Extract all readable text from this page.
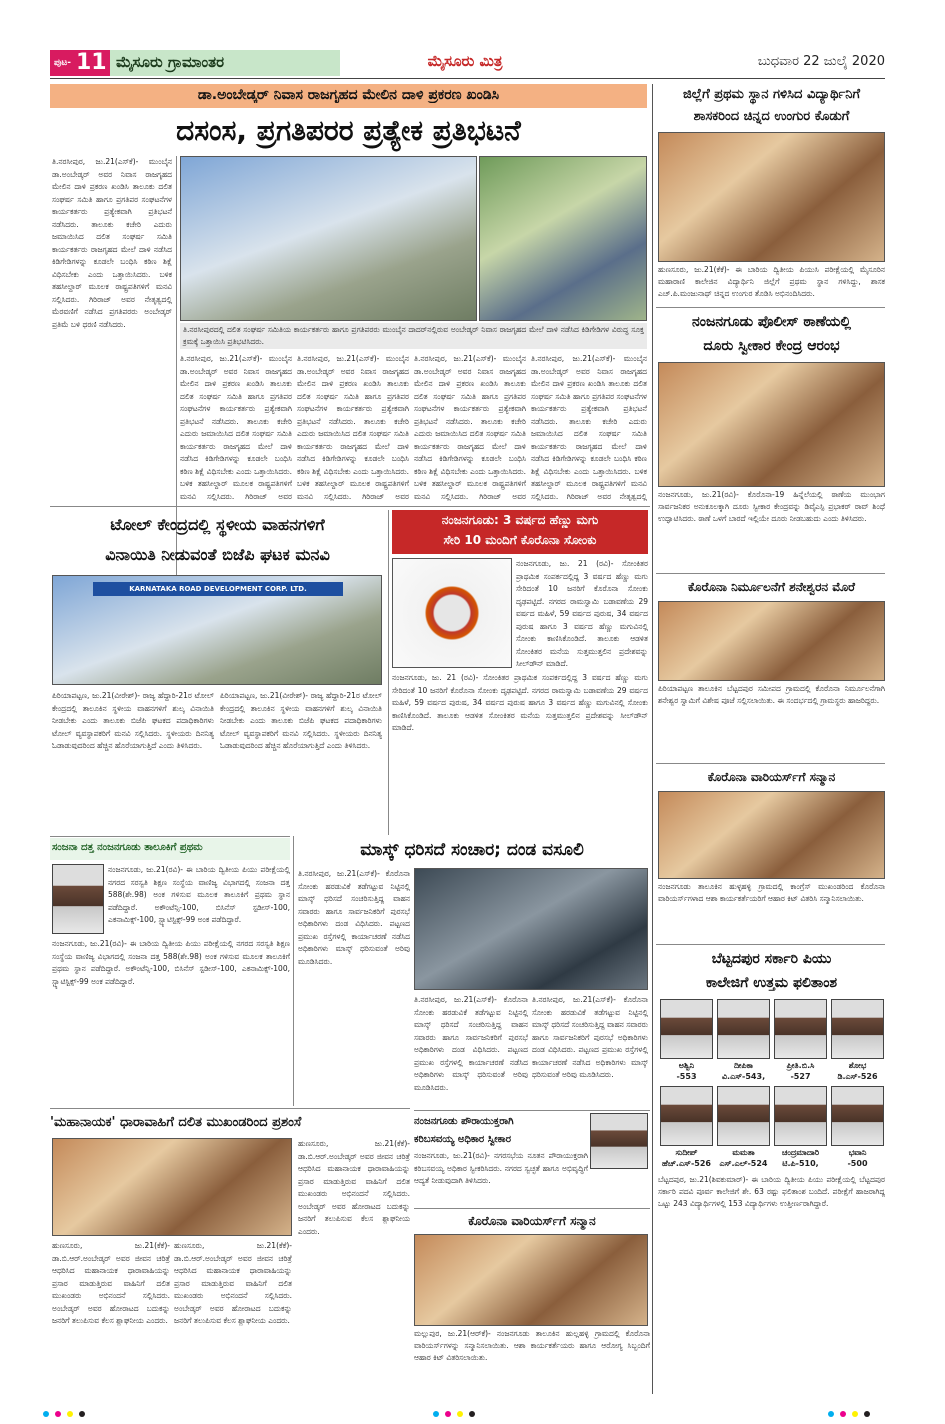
ಪುಟ- 11 ಮೈಸೂರು ಗ್ರಾಮಾಂತರ	ಮೈಸೂರು ಮಿತ್ರ	ಬುಧವಾರ 22 ಜುಲೈ 2020
ಡಾ.ಅಂಬೇಡ್ಕರ್ ನಿವಾಸ ರಾಜಗೃಹದ ಮೇಲಿನ ದಾಳಿ ಪ್ರಕರಣ ಖಂಡಿಸಿ
ದಸಂಸ, ಪ್ರಗತಿಪರರ ಪ್ರತ್ಯೇಕ ಪ್ರತಿಭಟನೆ
ತಿ.ನರಸೀಪುರ, ಜು.21(ಎಸ್‌ಕೆ)- ಮುಂಬೈನ ಡಾ.ಅಂಬೇಡ್ಕರ್ ಅವರ ನಿವಾಸ ರಾಜಗೃಹದ ಮೇಲಿನ ದಾಳಿ ಪ್ರಕರಣ ಖಂಡಿಸಿ ತಾಲೂಕು ದಲಿತ ಸಂಘರ್ಷ ಸಮಿತಿ ಹಾಗೂ ಪ್ರಗತಿಪರ ಸಂಘಟನೆಗಳ ಕಾರ್ಯಕರ್ತರು ಪ್ರತ್ಯೇಕವಾಗಿ ಪ್ರತಿಭಟನೆ ನಡೆಸಿದರು. ತಾಲೂಕು ಕಚೇರಿ ಎದುರು ಜಮಾಯಿಸಿದ ದಲಿತ ಸಂಘರ್ಷ ಸಮಿತಿ ಕಾರ್ಯಕರ್ತರು ರಾಜಗೃಹದ ಮೇಲೆ ದಾಳಿ ನಡೆಸಿದ ಕಿಡಿಗೇಡಿಗಳನ್ನು ಕೂಡಲೇ ಬಂಧಿಸಿ ಕಠಿಣ ಶಿಕ್ಷೆ ವಿಧಿಸಬೇಕು ಎಂದು ಒತ್ತಾಯಿಸಿದರು. ಬಳಿಕ ತಹಸೀಲ್ದಾರ್ ಮೂಲಕ ರಾಷ್ಟ್ರಪತಿಗಳಿಗೆ ಮನವಿ ಸಲ್ಲಿಸಿದರು. ಗಿರಿರಾಜ್ ಅವರ ನೇತೃತ್ವದಲ್ಲಿ ಮೆರವಣಿಗೆ ನಡೆಸಿದ ಪ್ರಗತಿಪರರು ಅಂಬೇಡ್ಕರ್ ಪ್ರತಿಮೆ ಬಳಿ ಧರಣಿ ನಡೆಸಿದರು.
ತಿ.ನರಸೀಪುರದಲ್ಲಿ ದಲಿತ ಸಂಘರ್ಷ ಸಮಿತಿಯ ಕಾರ್ಯಕರ್ತರು ಹಾಗೂ ಪ್ರಗತಿಪರರು ಮುಂಬೈನ ದಾದರ್‌ನಲ್ಲಿರುವ ಅಂಬೇಡ್ಕರ್ ನಿವಾಸ ರಾಜಗೃಹದ ಮೇಲೆ ದಾಳಿ ನಡೆಸಿದ ಕಿಡಿಗೇಡಿಗಳ ವಿರುದ್ಧ ಸೂಕ್ತ ಕ್ರಮಕ್ಕೆ ಒತ್ತಾಯಿಸಿ ಪ್ರತಿಭಟಿಸಿದರು.
ತಿ.ನರಸೀಪುರ, ಜು.21(ಎಸ್‌ಕೆ)- ಮುಂಬೈನ ಡಾ.ಅಂಬೇಡ್ಕರ್ ಅವರ ನಿವಾಸ ರಾಜಗೃಹದ ಮೇಲಿನ ದಾಳಿ ಪ್ರಕರಣ ಖಂಡಿಸಿ ತಾಲೂಕು ದಲಿತ ಸಂಘರ್ಷ ಸಮಿತಿ ಹಾಗೂ ಪ್ರಗತಿಪರ ಸಂಘಟನೆಗಳ ಕಾರ್ಯಕರ್ತರು ಪ್ರತ್ಯೇಕವಾಗಿ ಪ್ರತಿಭಟನೆ ನಡೆಸಿದರು. ತಾಲೂಕು ಕಚೇರಿ ಎದುರು ಜಮಾಯಿಸಿದ ದಲಿತ ಸಂಘರ್ಷ ಸಮಿತಿ ಕಾರ್ಯಕರ್ತರು ರಾಜಗೃಹದ ಮೇಲೆ ದಾಳಿ ನಡೆಸಿದ ಕಿಡಿಗೇಡಿಗಳನ್ನು ಕೂಡಲೇ ಬಂಧಿಸಿ ಕಠಿಣ ಶಿಕ್ಷೆ ವಿಧಿಸಬೇಕು ಎಂದು ಒತ್ತಾಯಿಸಿದರು. ಬಳಿಕ ತಹಸೀಲ್ದಾರ್ ಮೂಲಕ ರಾಷ್ಟ್ರಪತಿಗಳಿಗೆ ಮನವಿ ಸಲ್ಲಿಸಿದರು. ಗಿರಿರಾಜ್ ಅವರ
ತಿ.ನರಸೀಪುರ, ಜು.21(ಎಸ್‌ಕೆ)- ಮುಂಬೈನ ಡಾ.ಅಂಬೇಡ್ಕರ್ ಅವರ ನಿವಾಸ ರಾಜಗೃಹದ ಮೇಲಿನ ದಾಳಿ ಪ್ರಕರಣ ಖಂಡಿಸಿ ತಾಲೂಕು ದಲಿತ ಸಂಘರ್ಷ ಸಮಿತಿ ಹಾಗೂ ಪ್ರಗತಿಪರ ಸಂಘಟನೆಗಳ ಕಾರ್ಯಕರ್ತರು ಪ್ರತ್ಯೇಕವಾಗಿ ಪ್ರತಿಭಟನೆ ನಡೆಸಿದರು. ತಾಲೂಕು ಕಚೇರಿ ಎದುರು ಜಮಾಯಿಸಿದ ದಲಿತ ಸಂಘರ್ಷ ಸಮಿತಿ ಕಾರ್ಯಕರ್ತರು ರಾಜಗೃಹದ ಮೇಲೆ ದಾಳಿ ನಡೆಸಿದ ಕಿಡಿಗೇಡಿಗಳನ್ನು ಕೂಡಲೇ ಬಂಧಿಸಿ ಕಠಿಣ ಶಿಕ್ಷೆ ವಿಧಿಸಬೇಕು ಎಂದು ಒತ್ತಾಯಿಸಿದರು. ಬಳಿಕ ತಹಸೀಲ್ದಾರ್ ಮೂಲಕ ರಾಷ್ಟ್ರಪತಿಗಳಿಗೆ ಮನವಿ ಸಲ್ಲಿಸಿದರು. ಗಿರಿರಾಜ್ ಅವರ
ತಿ.ನರಸೀಪುರ, ಜು.21(ಎಸ್‌ಕೆ)- ಮುಂಬೈನ ಡಾ.ಅಂಬೇಡ್ಕರ್ ಅವರ ನಿವಾಸ ರಾಜಗೃಹದ ಮೇಲಿನ ದಾಳಿ ಪ್ರಕರಣ ಖಂಡಿಸಿ ತಾಲೂಕು ದಲಿತ ಸಂಘರ್ಷ ಸಮಿತಿ ಹಾಗೂ ಪ್ರಗತಿಪರ ಸಂಘಟನೆಗಳ ಕಾರ್ಯಕರ್ತರು ಪ್ರತ್ಯೇಕವಾಗಿ ಪ್ರತಿಭಟನೆ ನಡೆಸಿದರು. ತಾಲೂಕು ಕಚೇರಿ ಎದುರು ಜಮಾಯಿಸಿದ ದಲಿತ ಸಂಘರ್ಷ ಸಮಿತಿ ಕಾರ್ಯಕರ್ತರು ರಾಜಗೃಹದ ಮೇಲೆ ದಾಳಿ ನಡೆಸಿದ ಕಿಡಿಗೇಡಿಗಳನ್ನು ಕೂಡಲೇ ಬಂಧಿಸಿ ಕಠಿಣ ಶಿಕ್ಷೆ ವಿಧಿಸಬೇಕು ಎಂದು ಒತ್ತಾಯಿಸಿದರು. ಬಳಿಕ ತಹಸೀಲ್ದಾರ್ ಮೂಲಕ ರಾಷ್ಟ್ರಪತಿಗಳಿಗೆ ಮನವಿ ಸಲ್ಲಿಸಿದರು. ಗಿರಿರಾಜ್ ಅವರ
ತಿ.ನರಸೀಪುರ, ಜು.21(ಎಸ್‌ಕೆ)- ಮುಂಬೈನ ಡಾ.ಅಂಬೇಡ್ಕರ್ ಅವರ ನಿವಾಸ ರಾಜಗೃಹದ ಮೇಲಿನ ದಾಳಿ ಪ್ರಕರಣ ಖಂಡಿಸಿ ತಾಲೂಕು ದಲಿತ ಸಂಘರ್ಷ ಸಮಿತಿ ಹಾಗೂ ಪ್ರಗತಿಪರ ಸಂಘಟನೆಗಳ ಕಾರ್ಯಕರ್ತರು ಪ್ರತ್ಯೇಕವಾಗಿ ಪ್ರತಿಭಟನೆ ನಡೆಸಿದರು. ತಾಲೂಕು ಕಚೇರಿ ಎದುರು ಜಮಾಯಿಸಿದ ದಲಿತ ಸಂಘರ್ಷ ಸಮಿತಿ ಕಾರ್ಯಕರ್ತರು ರಾಜಗೃಹದ ಮೇಲೆ ದಾಳಿ ನಡೆಸಿದ ಕಿಡಿಗೇಡಿಗಳನ್ನು ಕೂಡಲೇ ಬಂಧಿಸಿ ಕಠಿಣ ಶಿಕ್ಷೆ ವಿಧಿಸಬೇಕು ಎಂದು ಒತ್ತಾಯಿಸಿದರು. ಬಳಿಕ ತಹಸೀಲ್ದಾರ್ ಮೂಲಕ ರಾಷ್ಟ್ರಪತಿಗಳಿಗೆ ಮನವಿ ಸಲ್ಲಿಸಿದರು. ಗಿರಿರಾಜ್ ಅವರ ನೇತೃತ್ವದಲ್ಲಿ
ಜಿಲ್ಲೆಗೆ ಪ್ರಥಮ ಸ್ಥಾನ ಗಳಿಸಿದ ವಿದ್ಯಾರ್ಥಿನಿಗೆ
ಶಾಸಕರಿಂದ ಚಿನ್ನದ ಉಂಗುರ ಕೊಡುಗೆ
ಹುಣಸೂರು, ಜು.21(ಕೆಕೆ)- ಈ ಬಾರಿಯ ದ್ವಿತೀಯ ಪಿಯುಸಿ ಪರೀಕ್ಷೆಯಲ್ಲಿ ಮೈಸೂರಿನ ಮಹಾರಾಣಿ ಕಾಲೇಜಿನ ವಿದ್ಯಾರ್ಥಿನಿ ಜಿಲ್ಲೆಗೆ ಪ್ರಥಮ ಸ್ಥಾನ ಗಳಿಸಿದ್ದು, ಶಾಸಕ ಎಚ್.ಪಿ.ಮಂಜುನಾಥ್ ಚಿನ್ನದ ಉಂಗುರ ತೊಡಿಸಿ ಅಭಿನಂದಿಸಿದರು.
ನಂಜನಗೂಡು ಪೊಲೀಸ್ ಠಾಣೆಯಲ್ಲಿ
ದೂರು ಸ್ವೀಕಾರ ಕೇಂದ್ರ ಆರಂಭ
ನಂಜನಗೂಡು, ಜು.21(ರವಿ)- ಕೊರೊನಾ-19 ಹಿನ್ನೆಲೆಯಲ್ಲಿ ಠಾಣೆಯ ಮುಂಭಾಗ ಸಾರ್ವಜನಿಕರ ಅನುಕೂಲಕ್ಕಾಗಿ ದೂರು ಸ್ವೀಕಾರ ಕೇಂದ್ರವನ್ನು ಡಿವೈಎಸ್ಪಿ ಪ್ರಭಾಕರ್ ರಾವ್ ಶಿಂಧೆ ಉದ್ಘಾಟಿಸಿದರು. ಠಾಣೆ ಒಳಗೆ ಬಾರದೆ ಇಲ್ಲಿಯೇ ದೂರು ನೀಡಬಹುದು ಎಂದು ತಿಳಿಸಿದರು.
ಕೊರೊನಾ ನಿರ್ಮೂಲನೆಗೆ ಶನೇಶ್ವರನ ಮೊರೆ
ಪಿರಿಯಾಪಟ್ಟಣ ತಾಲೂಕಿನ ಬೆಟ್ಟದಪುರ ಸಮೀಪದ ಗ್ರಾಮದಲ್ಲಿ ಕೊರೊನಾ ನಿರ್ಮೂಲನೆಗಾಗಿ ಶನೇಶ್ವರ ಸ್ವಾಮಿಗೆ ವಿಶೇಷ ಪೂಜೆ ಸಲ್ಲಿಸಲಾಯಿತು. ಈ ಸಂದರ್ಭದಲ್ಲಿ ಗ್ರಾಮಸ್ಥರು ಹಾಜರಿದ್ದರು.
ಕೊರೊನಾ ವಾರಿಯರ್ಸ್‌ಗೆ ಸನ್ಮಾನ
ನಂಜನಗೂಡು ತಾಲೂಕಿನ ಹುಳ್ಳಹಳ್ಳಿ ಗ್ರಾಮದಲ್ಲಿ ಕಾಂಗ್ರೆಸ್ ಮುಖಂಡರಿಂದ ಕೊರೊನಾ ವಾರಿಯರ್ಸ್‌ಗಳಾದ ಆಶಾ ಕಾರ್ಯಕರ್ತೆಯರಿಗೆ ಆಹಾರ ಕಿಟ್ ವಿತರಿಸಿ ಸನ್ಮಾನಿಸಲಾಯಿತು.
ಬೆಟ್ಟದಪುರ ಸರ್ಕಾರಿ ಪಿಯು
ಕಾಲೇಜಿಗೆ ಉತ್ತಮ ಫಲಿತಾಂಶ
ಅಶ್ವಿನಿ
-553
ದೀಪಿಕಾ
ವಿ.ಎಸ್-543,
ಪ್ರೀತಿ.ಬಿ.ಸಿ
-527
ಶೋಭ
ಡಿ.ಎಸ್-526
ಸುದೀಪ್
ಹೆಚ್.ಎಸ್-526
ಮಮತಾ
ಎಸ್.ಎಲ್-524
ಚಂದ್ರಮಾದಾರಿ
ಟಿ.ಪಿ-510,
ಭವಾನಿ
-500
ಬೆಟ್ಟದಪುರ, ಜು.21(ಶಿವಕುಮಾರ್)- ಈ ಬಾರಿಯ ದ್ವಿತೀಯ ಪಿಯು ಪರೀಕ್ಷೆಯಲ್ಲಿ ಬೆಟ್ಟದಪುರ ಸರ್ಕಾರಿ ಪದವಿ ಪೂರ್ವ ಕಾಲೇಜಿಗೆ ಶೇ. 63 ರಷ್ಟು ಫಲಿತಾಂಶ ಬಂದಿದೆ. ಪರೀಕ್ಷೆಗೆ ಹಾಜರಾಗಿದ್ದ ಒಟ್ಟು 243 ವಿದ್ಯಾರ್ಥಿಗಳಲ್ಲಿ 153 ವಿದ್ಯಾರ್ಥಿಗಳು ಉತ್ತೀರ್ಣರಾಗಿದ್ದಾರೆ.
ಟೋಲ್ ಕೇಂದ್ರದಲ್ಲಿ ಸ್ಥಳೀಯ ವಾಹನಗಳಿಗೆ
ವಿನಾಯಿತಿ ನೀಡುವಂತೆ ಬಿಜೆಪಿ ಘಟಕ ಮನವಿ
KARNATAKA ROAD DEVELOPMENT CORP. LTD.
ಪಿರಿಯಾಪಟ್ಟಣ, ಜು.21(ವೀರೇಶ್)- ರಾಜ್ಯ ಹೆದ್ದಾರಿ-21ರ ಟೋಲ್ ಕೇಂದ್ರದಲ್ಲಿ ತಾಲೂಕಿನ ಸ್ಥಳೀಯ ವಾಹನಗಳಿಗೆ ಶುಲ್ಕ ವಿನಾಯಿತಿ ನೀಡಬೇಕು ಎಂದು ತಾಲೂಕು ಬಿಜೆಪಿ ಘಟಕದ ಪದಾಧಿಕಾರಿಗಳು ಟೋಲ್ ವ್ಯವಸ್ಥಾಪಕರಿಗೆ ಮನವಿ ಸಲ್ಲಿಸಿದರು. ಸ್ಥಳೀಯರು ದಿನನಿತ್ಯ ಓಡಾಡುವುದರಿಂದ ಹೆಚ್ಚಿನ ಹೊರೆಯಾಗುತ್ತಿದೆ ಎಂದು ತಿಳಿಸಿದರು.
ಪಿರಿಯಾಪಟ್ಟಣ, ಜು.21(ವೀರೇಶ್)- ರಾಜ್ಯ ಹೆದ್ದಾರಿ-21ರ ಟೋಲ್ ಕೇಂದ್ರದಲ್ಲಿ ತಾಲೂಕಿನ ಸ್ಥಳೀಯ ವಾಹನಗಳಿಗೆ ಶುಲ್ಕ ವಿನಾಯಿತಿ ನೀಡಬೇಕು ಎಂದು ತಾಲೂಕು ಬಿಜೆಪಿ ಘಟಕದ ಪದಾಧಿಕಾರಿಗಳು ಟೋಲ್ ವ್ಯವಸ್ಥಾಪಕರಿಗೆ ಮನವಿ ಸಲ್ಲಿಸಿದರು. ಸ್ಥಳೀಯರು ದಿನನಿತ್ಯ ಓಡಾಡುವುದರಿಂದ ಹೆಚ್ಚಿನ ಹೊರೆಯಾಗುತ್ತಿದೆ ಎಂದು ತಿಳಿಸಿದರು.
ನಂಜನಗೂಡು: 3 ವರ್ಷದ ಹೆಣ್ಣು ಮಗು
ಸೇರಿ 10 ಮಂದಿಗೆ ಕೊರೊನಾ ಸೋಂಕು
ನಂಜನಗೂಡು, ಜು. 21 (ರವಿ)- ಸೋಂಕಿತರ ಪ್ರಾಥಮಿಕ ಸಂಪರ್ಕದಲ್ಲಿದ್ದ 3 ವರ್ಷದ ಹೆಣ್ಣು ಮಗು ಸೇರಿದಂತೆ 10 ಜನರಿಗೆ ಕೊರೊನಾ ಸೋಂಕು ದೃಢಪಟ್ಟಿದೆ. ನಗರದ ರಾಮಸ್ವಾಮಿ ಬಡಾವಣೆಯ 29 ವರ್ಷದ ಮಹಿಳೆ, 59 ವರ್ಷದ ಪುರುಷ, 34 ವರ್ಷದ ಪುರುಷ ಹಾಗೂ 3 ವರ್ಷದ ಹೆಣ್ಣು ಮಗುವಿನಲ್ಲಿ ಸೋಂಕು ಕಾಣಿಸಿಕೊಂಡಿದೆ. ತಾಲೂಕು ಆಡಳಿತ ಸೋಂಕಿತರ ಮನೆಯ ಸುತ್ತಮುತ್ತಲಿನ ಪ್ರದೇಶವನ್ನು ಸೀಲ್‌ಡೌನ್ ಮಾಡಿದೆ.
ನಂಜನಗೂಡು, ಜು. 21 (ರವಿ)- ಸೋಂಕಿತರ ಪ್ರಾಥಮಿಕ ಸಂಪರ್ಕದಲ್ಲಿದ್ದ 3 ವರ್ಷದ ಹೆಣ್ಣು ಮಗು ಸೇರಿದಂತೆ 10 ಜನರಿಗೆ ಕೊರೊನಾ ಸೋಂಕು ದೃಢಪಟ್ಟಿದೆ. ನಗರದ ರಾಮಸ್ವಾಮಿ ಬಡಾವಣೆಯ 29 ವರ್ಷದ ಮಹಿಳೆ, 59 ವರ್ಷದ ಪುರುಷ, 34 ವರ್ಷದ ಪುರುಷ ಹಾಗೂ 3 ವರ್ಷದ ಹೆಣ್ಣು ಮಗುವಿನಲ್ಲಿ ಸೋಂಕು ಕಾಣಿಸಿಕೊಂಡಿದೆ. ತಾಲೂಕು ಆಡಳಿತ ಸೋಂಕಿತರ ಮನೆಯ ಸುತ್ತಮುತ್ತಲಿನ ಪ್ರದೇಶವನ್ನು ಸೀಲ್‌ಡೌನ್ ಮಾಡಿದೆ.
ಸಂಜನಾ ದತ್ತ ನಂಜನಗೂಡು ತಾಲೂಕಿಗೆ ಪ್ರಥಮ
ನಂಜನಗೂಡು, ಜು.21(ರವಿ)- ಈ ಬಾರಿಯ ದ್ವಿತೀಯ ಪಿಯು ಪರೀಕ್ಷೆಯಲ್ಲಿ ನಗರದ ಸರಸ್ವತಿ ಶಿಕ್ಷಣ ಸಂಸ್ಥೆಯ ವಾಣಿಜ್ಯ ವಿಭಾಗದಲ್ಲಿ ಸಂಜನಾ ದತ್ತ 588(ಶೇ.98) ಅಂಕ ಗಳಿಸುವ ಮೂಲಕ ತಾಲೂಕಿಗೆ ಪ್ರಥಮ ಸ್ಥಾನ ಪಡೆದಿದ್ದಾರೆ. ಅಕೌಂಟೆನ್ಸಿ-100, ಬಿಸಿನೆಸ್ ಸ್ಟಡೀಸ್-100, ಎಕನಾಮಿಕ್ಸ್-100, ಸ್ಟ್ಯಾಟಿಸ್ಟಿಕ್ಸ್-99 ಅಂಕ ಪಡೆದಿದ್ದಾರೆ.
ನಂಜನಗೂಡು, ಜು.21(ರವಿ)- ಈ ಬಾರಿಯ ದ್ವಿತೀಯ ಪಿಯು ಪರೀಕ್ಷೆಯಲ್ಲಿ ನಗರದ ಸರಸ್ವತಿ ಶಿಕ್ಷಣ ಸಂಸ್ಥೆಯ ವಾಣಿಜ್ಯ ವಿಭಾಗದಲ್ಲಿ ಸಂಜನಾ ದತ್ತ 588(ಶೇ.98) ಅಂಕ ಗಳಿಸುವ ಮೂಲಕ ತಾಲೂಕಿಗೆ ಪ್ರಥಮ ಸ್ಥಾನ ಪಡೆದಿದ್ದಾರೆ. ಅಕೌಂಟೆನ್ಸಿ-100, ಬಿಸಿನೆಸ್ ಸ್ಟಡೀಸ್-100, ಎಕನಾಮಿಕ್ಸ್-100, ಸ್ಟ್ಯಾಟಿಸ್ಟಿಕ್ಸ್-99 ಅಂಕ ಪಡೆದಿದ್ದಾರೆ.
ಮಾಸ್ಕ್ ಧರಿಸದೆ ಸಂಚಾರ; ದಂಡ ವಸೂಲಿ
ತಿ.ನರಸೀಪುರ, ಜು.21(ಎಸ್‌ಕೆ)- ಕೊರೊನಾ ಸೋಂಕು ಹರಡುವಿಕೆ ತಡೆಗಟ್ಟುವ ನಿಟ್ಟಿನಲ್ಲಿ ಮಾಸ್ಕ್ ಧರಿಸದೆ ಸಂಚರಿಸುತ್ತಿದ್ದ ವಾಹನ ಸವಾರರು ಹಾಗೂ ಸಾರ್ವಜನಿಕರಿಗೆ ಪುರಸಭೆ ಅಧಿಕಾರಿಗಳು ದಂಡ ವಿಧಿಸಿದರು. ಪಟ್ಟಣದ ಪ್ರಮುಖ ರಸ್ತೆಗಳಲ್ಲಿ ಕಾರ್ಯಾಚರಣೆ ನಡೆಸಿದ ಅಧಿಕಾರಿಗಳು ಮಾಸ್ಕ್ ಧರಿಸುವಂತೆ ಅರಿವು ಮೂಡಿಸಿದರು.
ತಿ.ನರಸೀಪುರ, ಜು.21(ಎಸ್‌ಕೆ)- ಕೊರೊನಾ ಸೋಂಕು ಹರಡುವಿಕೆ ತಡೆಗಟ್ಟುವ ನಿಟ್ಟಿನಲ್ಲಿ ಮಾಸ್ಕ್ ಧರಿಸದೆ ಸಂಚರಿಸುತ್ತಿದ್ದ ವಾಹನ ಸವಾರರು ಹಾಗೂ ಸಾರ್ವಜನಿಕರಿಗೆ ಪುರಸಭೆ ಅಧಿಕಾರಿಗಳು ದಂಡ ವಿಧಿಸಿದರು. ಪಟ್ಟಣದ ಪ್ರಮುಖ ರಸ್ತೆಗಳಲ್ಲಿ ಕಾರ್ಯಾಚರಣೆ ನಡೆಸಿದ ಅಧಿಕಾರಿಗಳು ಮಾಸ್ಕ್ ಧರಿಸುವಂತೆ ಅರಿವು ಮೂಡಿಸಿದರು.
ತಿ.ನರಸೀಪುರ, ಜು.21(ಎಸ್‌ಕೆ)- ಕೊರೊನಾ ಸೋಂಕು ಹರಡುವಿಕೆ ತಡೆಗಟ್ಟುವ ನಿಟ್ಟಿನಲ್ಲಿ ಮಾಸ್ಕ್ ಧರಿಸದೆ ಸಂಚರಿಸುತ್ತಿದ್ದ ವಾಹನ ಸವಾರರು ಹಾಗೂ ಸಾರ್ವಜನಿಕರಿಗೆ ಪುರಸಭೆ ಅಧಿಕಾರಿಗಳು ದಂಡ ವಿಧಿಸಿದರು. ಪಟ್ಟಣದ ಪ್ರಮುಖ ರಸ್ತೆಗಳಲ್ಲಿ ಕಾರ್ಯಾಚರಣೆ ನಡೆಸಿದ ಅಧಿಕಾರಿಗಳು ಮಾಸ್ಕ್ ಧರಿಸುವಂತೆ ಅರಿವು ಮೂಡಿಸಿದರು.
ನಂಜನಗೂಡು ಪೌರಾಯುಕ್ತರಾಗಿ
ಕರಿಬಸವಯ್ಯ ಅಧಿಕಾರ ಸ್ವೀಕಾರ
ನಂಜನಗೂಡು, ಜು.21(ರವಿ)- ನಗರಸಭೆಯ ನೂತನ ಪೌರಾಯುಕ್ತರಾಗಿ ಕರಿಬಸವಯ್ಯ ಅಧಿಕಾರ ಸ್ವೀಕರಿಸಿದರು. ನಗರದ ಸ್ವಚ್ಛತೆ ಹಾಗೂ ಅಭಿವೃದ್ಧಿಗೆ ಆದ್ಯತೆ ನೀಡುವುದಾಗಿ ತಿಳಿಸಿದರು.
ಕೊರೊನಾ ವಾರಿಯರ್ಸ್‌ಗೆ ಸನ್ಮಾನ
ಮಲ್ಲುಪುರ, ಜು.21(ಆರ್‌ಕೆ)- ನಂಜನಗೂಡು ತಾಲೂಕಿನ ಹುಲ್ಲಹಳ್ಳಿ ಗ್ರಾಮದಲ್ಲಿ ಕೊರೊನಾ ವಾರಿಯರ್ಸ್‌ಗಳನ್ನು ಸನ್ಮಾನಿಸಲಾಯಿತು. ಆಶಾ ಕಾರ್ಯಕರ್ತೆಯರು ಹಾಗೂ ಆರೋಗ್ಯ ಸಿಬ್ಬಂದಿಗೆ ಆಹಾರ ಕಿಟ್ ವಿತರಿಸಲಾಯಿತು.
'ಮಹಾನಾಯಕ' ಧಾರಾವಾಹಿಗೆ ದಲಿತ ಮುಖಂಡರಿಂದ ಪ್ರಶಂಸೆ
ಹುಣಸೂರು, ಜು.21(ಕೆಕೆ)- ಡಾ.ಬಿ.ಆರ್.ಅಂಬೇಡ್ಕರ್ ಅವರ ಜೀವನ ಚರಿತ್ರೆ ಆಧರಿಸಿದ ಮಹಾನಾಯಕ ಧಾರಾವಾಹಿಯನ್ನು ಪ್ರಸಾರ ಮಾಡುತ್ತಿರುವ ವಾಹಿನಿಗೆ ದಲಿತ ಮುಖಂಡರು ಅಭಿನಂದನೆ ಸಲ್ಲಿಸಿದರು. ಅಂಬೇಡ್ಕರ್ ಅವರ ಹೋರಾಟದ ಬದುಕನ್ನು ಜನರಿಗೆ ತಲುಪಿಸುವ ಕೆಲಸ ಶ್ಲಾಘನೀಯ ಎಂದರು.
ಹುಣಸೂರು, ಜು.21(ಕೆಕೆ)- ಡಾ.ಬಿ.ಆರ್.ಅಂಬೇಡ್ಕರ್ ಅವರ ಜೀವನ ಚರಿತ್ರೆ ಆಧರಿಸಿದ ಮಹಾನಾಯಕ ಧಾರಾವಾಹಿಯನ್ನು ಪ್ರಸಾರ ಮಾಡುತ್ತಿರುವ ವಾಹಿನಿಗೆ ದಲಿತ ಮುಖಂಡರು ಅಭಿನಂದನೆ ಸಲ್ಲಿಸಿದರು. ಅಂಬೇಡ್ಕರ್ ಅವರ ಹೋರಾಟದ ಬದುಕನ್ನು ಜನರಿಗೆ ತಲುಪಿಸುವ ಕೆಲಸ ಶ್ಲಾಘನೀಯ ಎಂದರು.
ಹುಣಸೂರು, ಜು.21(ಕೆಕೆ)- ಡಾ.ಬಿ.ಆರ್.ಅಂಬೇಡ್ಕರ್ ಅವರ ಜೀವನ ಚರಿತ್ರೆ ಆಧರಿಸಿದ ಮಹಾನಾಯಕ ಧಾರಾವಾಹಿಯನ್ನು ಪ್ರಸಾರ ಮಾಡುತ್ತಿರುವ ವಾಹಿನಿಗೆ ದಲಿತ ಮುಖಂಡರು ಅಭಿನಂದನೆ ಸಲ್ಲಿಸಿದರು. ಅಂಬೇಡ್ಕರ್ ಅವರ ಹೋರಾಟದ ಬದುಕನ್ನು ಜನರಿಗೆ ತಲುಪಿಸುವ ಕೆಲಸ ಶ್ಲಾಘನೀಯ ಎಂದರು.
